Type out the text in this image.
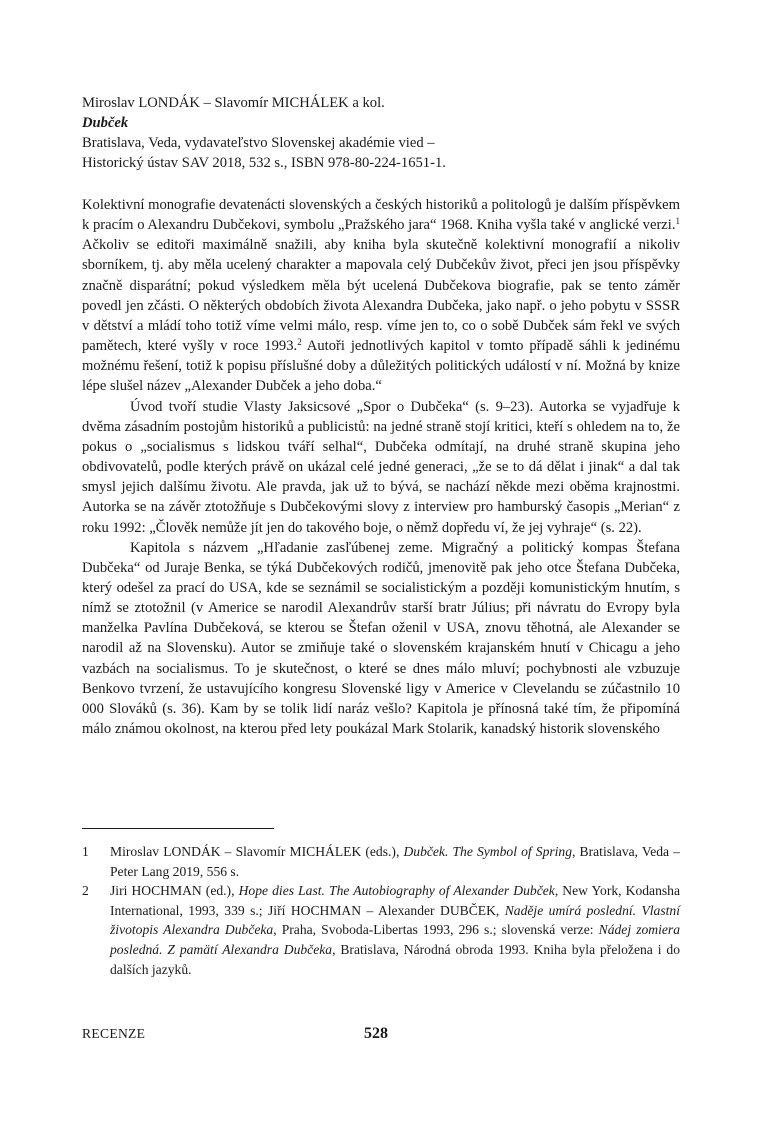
Miroslav LONDÁK – Slavomír MICHÁLEK a kol.
Dubček
Bratislava, Veda, vydavateľstvo Slovenskej akadémie vied –
Historický ústav SAV 2018, 532 s., ISBN 978-80-224-1651-1.

Kolektivní monografie devatenácti slovenských a českých historiků a politologů je dalším příspěvkem k pracím o Alexandru Dubčekovi, symbolu „Pražského jara“ 1968. Kniha vyšla také v anglické verzi.$^1$ Ačkoliv se editoři maximálně snažili, aby kniha byla skutečně kolektivní monografií a nikoliv sborníkem, tj. aby měla ucelený charakter a mapovala celý Dubčekův život, přeci jen jsou příspěvky značně disparátní; pokud výsledkem měla být ucelená Dubčekova biografie, pak se tento záměr povedl jen zčásti. O některých obdobích života Alexandra Dubčeka, jako např. o jeho pobytu v SSSR v dětství a mládí toho totiž víme velmi málo, resp. víme jen to, co o sobě Dubček sám řekl ve svých pamětech, které vyšly v roce 1993.$^2$ Autoři jednotlivých kapitol v tomto případě sáhli k jedinému možnému řešení, totiž k popisu příslušné doby a důležitých politických událostí v ní. Možná by knize lépe slušel název „Alexander Dubček a jeho doba.“

Úvod tvoří studie Vlasty Jaksicsové „Spor o Dubčeka“ (s. 9–23). Autorka se vyjadřuje k dvěma zásadním postojům historiků a publicistů: na jedné straně stojí kritici, kteří s ohledem na to, že pokus o „socialismus s lidskou tváří selhal“, Dubčeka odmítají, na druhé straně skupina jeho obdivovatelů, podle kterých právě on ukázal celé jedné generaci, „že se to dá dělat i jinak“ a dal tak smysl jejich dalšímu životu. Ale pravda, jak už to bývá, se nachází někde mezi oběma krajnostmi. Autorka se na závěr ztotožňuje s Dubčekovými slovy z interview pro hamburský časopis „Merian“ z roku 1992: „Člověk nemůže jít jen do takového boje, o němž dopředu ví, že jej vyhraje“ (s. 22).

Kapitola s názvem „Hľadanie zasľúbenej zeme. Migračný a politický kompas Štefana Dubčeka“ od Juraje Benka, se týká Dubčekových rodičů, jmenovitě pak jeho otce Štefana Dubčeka, který odešel za prací do USA, kde se seznámil se socialistickým a později komunistickým hnutím, s nímž se ztotožnil (v Americe se narodil Alexandrův starší bratr Július; při návratu do Evropy byla manželka Pavlína Dubčeková, se kterou se Štefan oženil v USA, znovu těhotná, ale Alexander se narodil až na Slovensku). Autor se zmiňuje také o slovenském krajanském hnutí v Chicagu a jeho vazbách na socialismus. To je skutečnost, o které se dnes málo mluví; pochybnosti ale vzbuzuje Benkovo tvrzení, že ustavujícího kongresu Slovenské ligy v Americe v Clevelandu se zúčastnilo 10 000 Slováků (s. 36). Kam by se tolik lidí naráz vešlo? Kapitola je přínosná také tím, že připomíná málo známou okolnost, na kterou před lety poukázal Mark Stolarik, kanadský historik slovenského

1	Miroslav LONDÁK – Slavomír MICHÁLEK (eds.), Dubček. The Symbol of Spring, Bratislava, Veda – Peter Lang 2019, 556 s.
2	Jiri HOCHMAN (ed.), Hope dies Last. The Autobiography of Alexander Dubček, New York, Kodansha International, 1993, 339 s.; Jiří HOCHMAN – Alexander DUBČEK, Naděje umírá poslední. Vlastní životopis Alexandra Dubčeka, Praha, Svoboda-Libertas 1993, 296 s.; slovenská verze: Nádej zomiera posledná. Z pamätí Alexandra Dubčeka, Bratislava, Národná obroda 1993. Kniha byla přeložena i do dalších jazyků.
RECENZE	528
